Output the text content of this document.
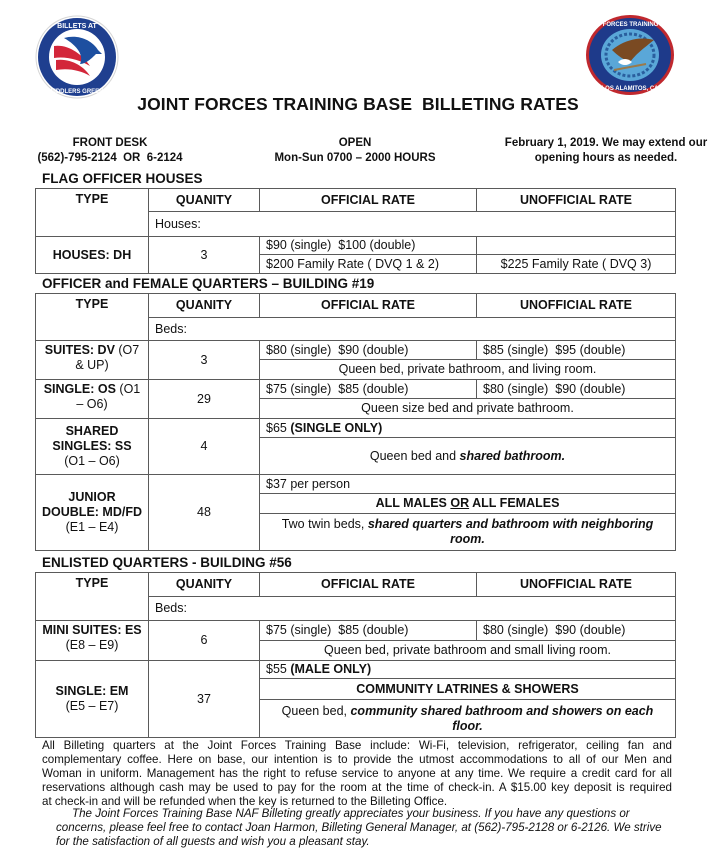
BILLETS AT
FIDDLERS GREEN
JOINT FORCES TRAINING BASE
LOS ALAMITOS, CA
JOINT FORCES TRAINING BASE  BILLETING RATES
FRONT DESK
(562)-795-2124  OR  6-2124
OPEN
Mon-Sun 0700 – 2000 HOURS
February 1, 2019. We may extend our
opening hours as needed.
FLAG OFFICER HOUSES
TYPE	QUANITY	OFFICIAL RATE	UNOFFICIAL RATE
	Houses:		
HOUSES: DH	3	$90 (single)  $100 (double)	
		$200 Family Rate ( DVQ 1 & 2)	$225 Family Rate ( DVQ 3)
OFFICER and FEMALE QUARTERS – BUILDING #19
TYPE	QUANITY	OFFICIAL RATE	UNOFFICIAL RATE
	Beds:		
SUITES: DV (O7 & UP)	3	$80 (single)  $90 (double)	$85 (single)  $95 (double)
		Queen bed, private bathroom, and living room.	
SINGLE: OS (O1 – O6)	29	$75 (single)  $85 (double)	$80 (single)  $90 (double)
		Queen size bed and private bathroom.	
SHARED SINGLES: SS
(O1 – O6)	4	$65 (SINGLE ONLY)	
		Queen bed and shared bathroom.	
JUNIOR DOUBLE: MD/FD
(E1 – E4)	48	$37 per person	
		ALL MALES OR ALL FEMALES	
		Two twin beds, shared quarters and bathroom with neighboring room.	
ENLISTED QUARTERS - BUILDING #56
TYPE	QUANITY	OFFICIAL RATE	UNOFFICIAL RATE
	Beds:		
MINI SUITES: ES
(E8 – E9)	6	$75 (single)  $85 (double)	$80 (single)  $90 (double)
		Queen bed, private bathroom and small living room.	
SINGLE: EM
(E5 – E7)	37	$55 (MALE ONLY)	
		COMMUNITY LATRINES & SHOWERS	
		Queen bed, community shared bathroom and showers on each floor.	
All Billeting quarters at the Joint Forces Training Base include: Wi-Fi, television, refrigerator, ceiling fan and
complementary coffee. Here on base, our intention is to provide the utmost accommodations to all of our Men and
Woman in uniform. Management has the right to refuse service to anyone at any time. We require a credit card for all
reservations although cash may be used to pay for the room at the time of check-in. A $15.00 key deposit is required
at check-in and will be refunded when the key is returned to the Billeting Office.
The Joint Forces Training Base NAF Billeting greatly appreciates your business. If you have any questions or concerns, please feel free to contact Joan Harmon, Billeting General Manager, at (562)-795-2128 or 6-2126. We strive for the satisfaction of all guests and wish you a pleasant stay.
